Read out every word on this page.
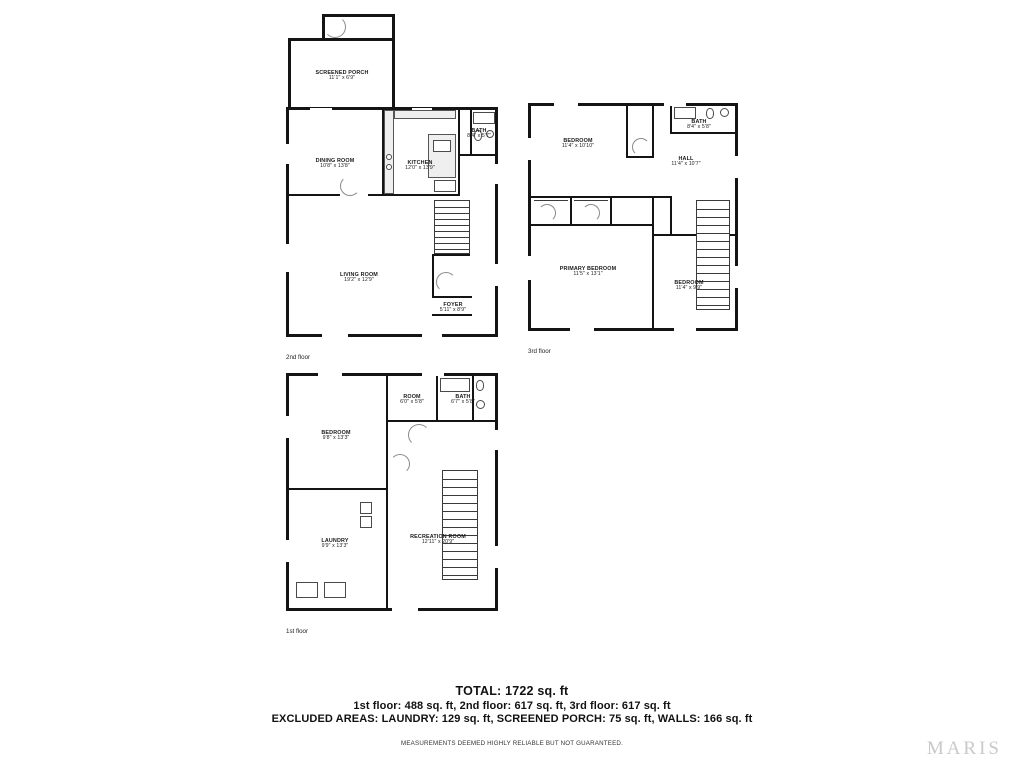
SCREENED PORCH
11'1" x 6'9"
DINING ROOM
10'8" x 13'8"
KITCHEN
12'0" x 13'9"
BATH
8'4" x 5'7"
LIVING ROOM
19'2" x 12'9"
FOYER
5'11" x 8'9"
2nd floor
BEDROOM
11'4" x 10'10"
BATH
8'4" x 5'8"
HALL
11'4" x 10'7"
PRIMARY BEDROOM
11'5" x 13'1"
BEDROOM
11'4" x 9'9"
3rd floor
BEDROOM
9'8" x 13'3"
ROOM
6'0" x 5'8"
BATH
6'7" x 5'8"
LAUNDRY
9'9" x 13'3"
RECREATION ROOM
12'11" x 20'9"
1st floor
TOTAL: 1722 sq. ft
1st floor: 488 sq. ft, 2nd floor: 617 sq. ft, 3rd floor: 617 sq. ft
EXCLUDED AREAS: LAUNDRY: 129 sq. ft, SCREENED PORCH: 75 sq. ft, WALLS: 166 sq. ft
MEASUREMENTS DEEMED HIGHLY RELIABLE BUT NOT GUARANTEED.	MARIS
